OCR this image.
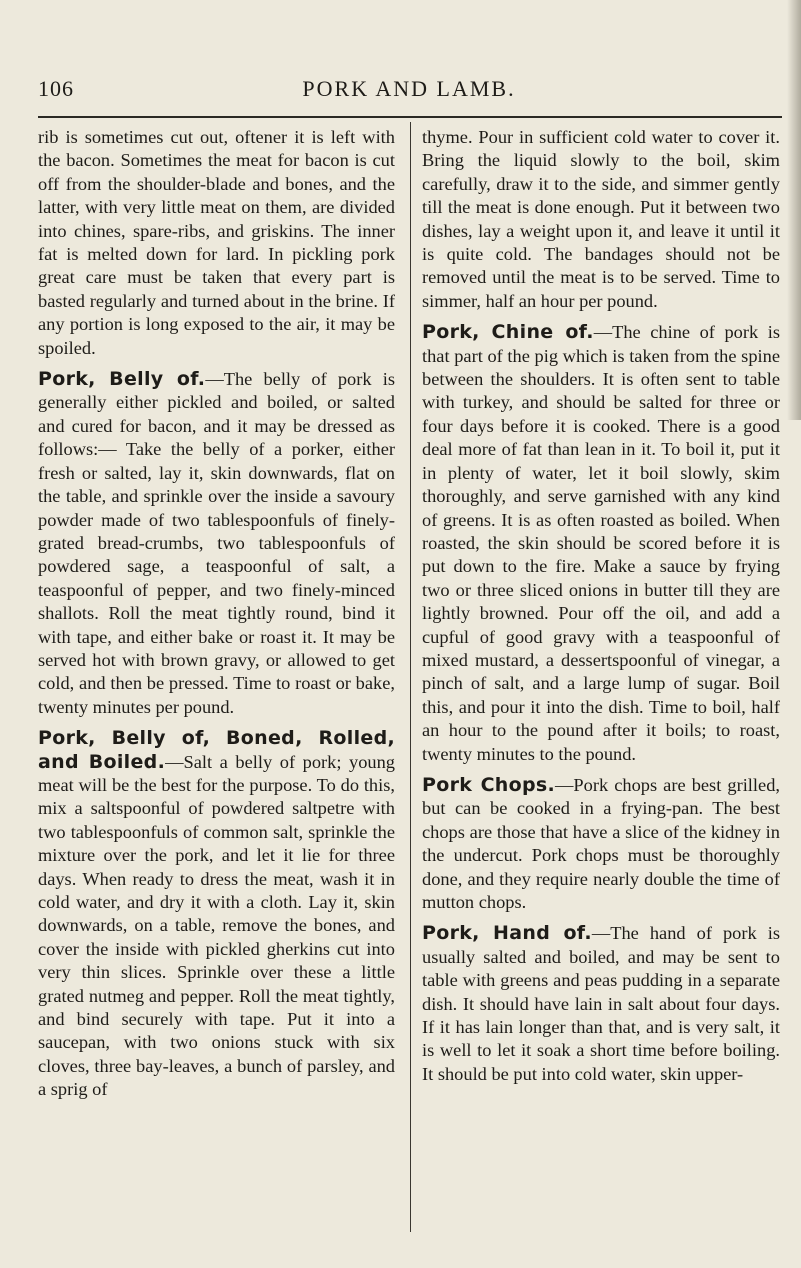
106	PORK AND LAMB.

rib is sometimes cut out, oftener it is left with the bacon. Sometimes the meat for bacon is cut off from the shoulder-blade and bones, and the latter, with very little meat on them, are divided into chines, spare-ribs, and griskins. The inner fat is melted down for lard. In pickling pork great care must be taken that every part is basted regularly and turned about in the brine. If any portion is long exposed to the air, it may be spoiled.

Pork, Belly of.—The belly of pork is generally either pickled and boiled, or salted and cured for bacon, and it may be dressed as follows:— Take the belly of a porker, either fresh or salted, lay it, skin downwards, flat on the table, and sprinkle over the inside a savoury powder made of two tablespoonfuls of finely-grated bread-crumbs, two tablespoonfuls of powdered sage, a teaspoonful of salt, a teaspoonful of pepper, and two finely-minced shallots. Roll the meat tightly round, bind it with tape, and either bake or roast it. It may be served hot with brown gravy, or allowed to get cold, and then be pressed. Time to roast or bake, twenty minutes per pound.

Pork, Belly of, Boned, Rolled, and Boiled.—Salt a belly of pork; young meat will be the best for the purpose. To do this, mix a saltspoonful of powdered saltpetre with two tablespoonfuls of common salt, sprinkle the mixture over the pork, and let it lie for three days. When ready to dress the meat, wash it in cold water, and dry it with a cloth. Lay it, skin downwards, on a table, remove the bones, and cover the inside with pickled gherkins cut into very thin slices. Sprinkle over these a little grated nutmeg and pepper. Roll the meat tightly, and bind securely with tape. Put it into a saucepan, with two onions stuck with six cloves, three bay-leaves, a bunch of parsley, and a sprig of

thyme. Pour in sufficient cold water to cover it. Bring the liquid slowly to the boil, skim carefully, draw it to the side, and simmer gently till the meat is done enough. Put it between two dishes, lay a weight upon it, and leave it until it is quite cold. The bandages should not be removed until the meat is to be served. Time to simmer, half an hour per pound.

Pork, Chine of.—The chine of pork is that part of the pig which is taken from the spine between the shoulders. It is often sent to table with turkey, and should be salted for three or four days before it is cooked. There is a good deal more of fat than lean in it. To boil it, put it in plenty of water, let it boil slowly, skim thoroughly, and serve garnished with any kind of greens. It is as often roasted as boiled. When roasted, the skin should be scored before it is put down to the fire. Make a sauce by frying two or three sliced onions in butter till they are lightly browned. Pour off the oil, and add a cupful of good gravy with a teaspoonful of mixed mustard, a dessertspoonful of vinegar, a pinch of salt, and a large lump of sugar. Boil this, and pour it into the dish. Time to boil, half an hour to the pound after it boils; to roast, twenty minutes to the pound.

Pork Chops.—Pork chops are best grilled, but can be cooked in a frying-pan. The best chops are those that have a slice of the kidney in the undercut. Pork chops must be thoroughly done, and they require nearly double the time of mutton chops.

Pork, Hand of.—The hand of pork is usually salted and boiled, and may be sent to table with greens and peas pudding in a separate dish. It should have lain in salt about four days. If it has lain longer than that, and is very salt, it is well to let it soak a short time before boiling. It should be put into cold water, skin upper-
